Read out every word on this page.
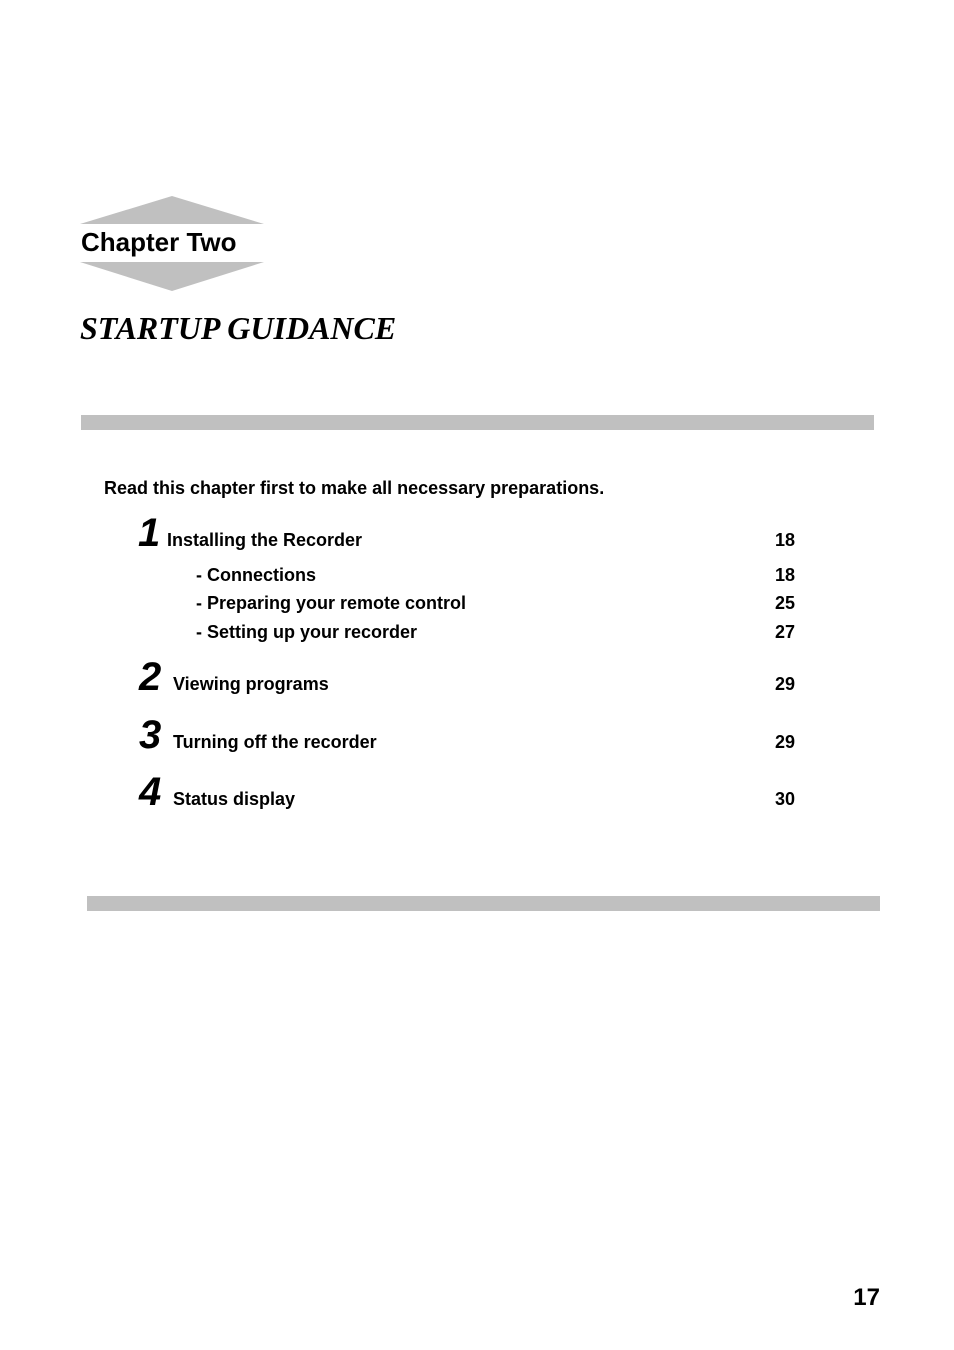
Chapter Two
STARTUP GUIDANCE
Read this chapter first to make all necessary preparations.
1 Installing the Recorder	18
- Connections	18
- Preparing your remote control	25
- Setting up your recorder	27
2 Viewing programs	29
3 Turning off the recorder	29
4 Status display	30
17
